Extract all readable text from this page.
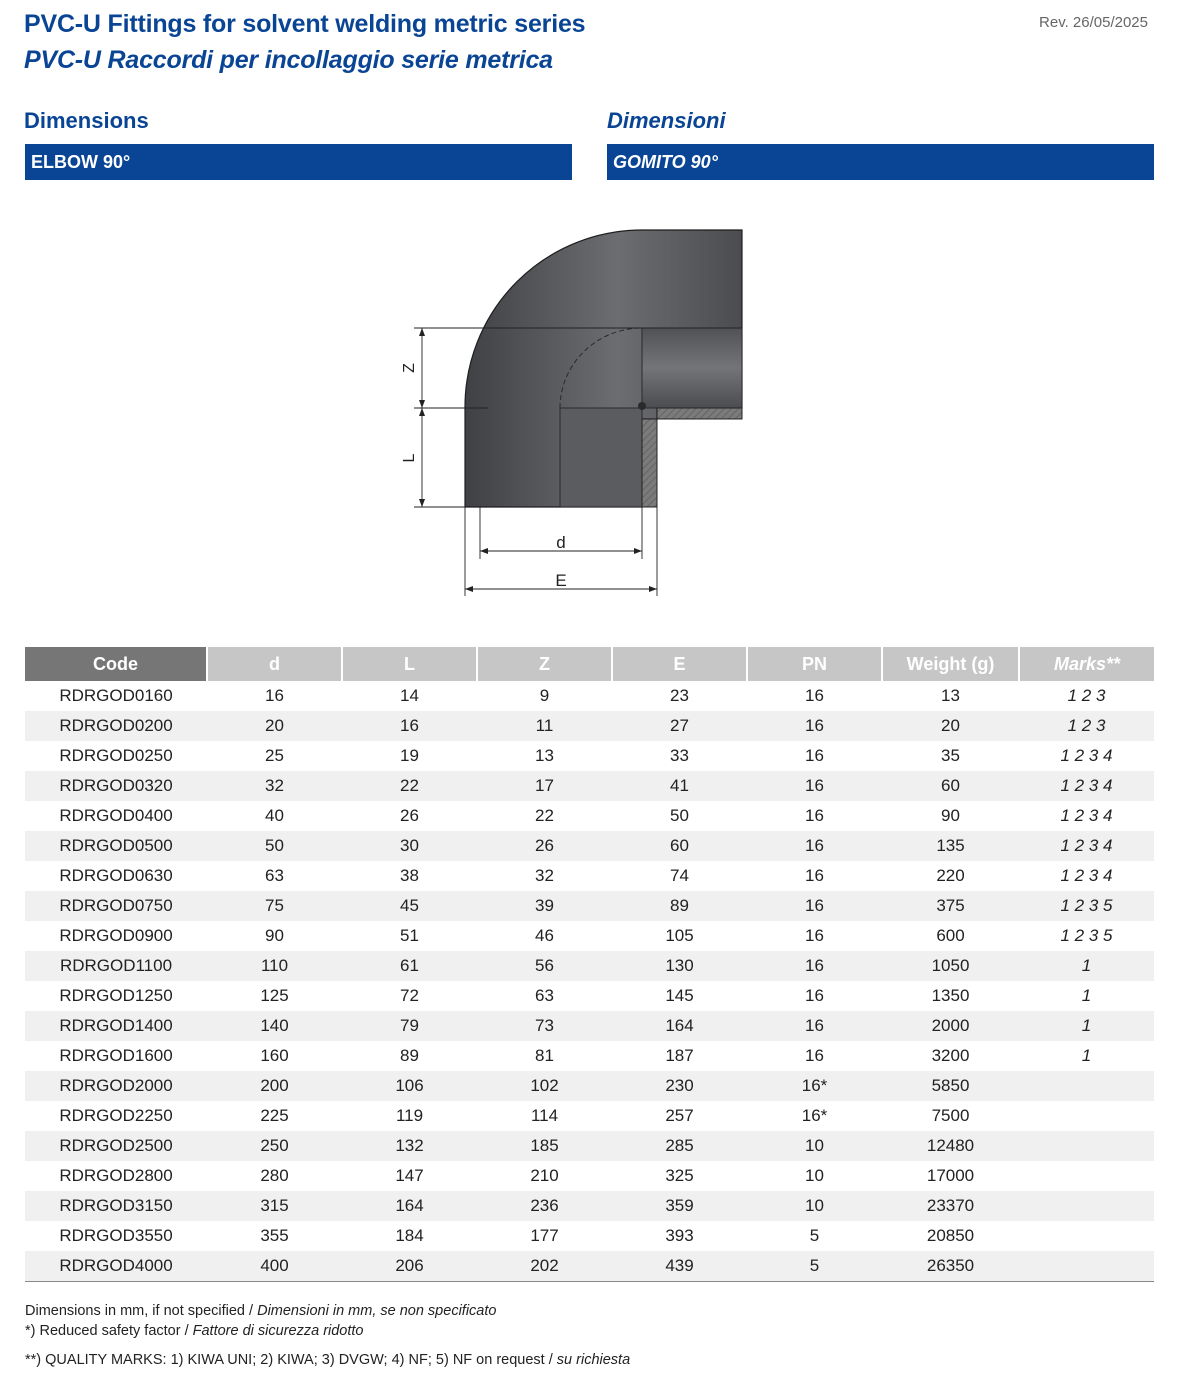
PVC-U Fittings for solvent welding metric series
PVC-U Raccordi per incollaggio serie metrica
Rev. 26/05/2025
Dimensions	Dimensioni
ELBOW 90°	GOMITO 90°
Z
L
d
E
Code	d	L	Z	E	PN	Weight (g)	Marks**
RDRGOD0160	16	14	9	23	16	13	1 2 3
RDRGOD0200	20	16	11	27	16	20	1 2 3
RDRGOD0250	25	19	13	33	16	35	1 2 3 4
RDRGOD0320	32	22	17	41	16	60	1 2 3 4
RDRGOD0400	40	26	22	50	16	90	1 2 3 4
RDRGOD0500	50	30	26	60	16	135	1 2 3 4
RDRGOD0630	63	38	32	74	16	220	1 2 3 4
RDRGOD0750	75	45	39	89	16	375	1 2 3 5
RDRGOD0900	90	51	46	105	16	600	1 2 3 5
RDRGOD1100	110	61	56	130	16	1050	1
RDRGOD1250	125	72	63	145	16	1350	1
RDRGOD1400	140	79	73	164	16	2000	1
RDRGOD1600	160	89	81	187	16	3200	1
RDRGOD2000	200	106	102	230	16*	5850	
RDRGOD2250	225	119	114	257	16*	7500	
RDRGOD2500	250	132	185	285	10	12480	
RDRGOD2800	280	147	210	325	10	17000	
RDRGOD3150	315	164	236	359	10	23370	
RDRGOD3550	355	184	177	393	5	20850	
RDRGOD4000	400	206	202	439	5	26350	
Dimensions in mm, if not specified / Dimensioni in mm, se non specificato
*) Reduced safety factor / Fattore di sicurezza ridotto
**) QUALITY MARKS: 1) KIWA UNI; 2) KIWA; 3) DVGW; 4) NF; 5) NF on request / su richiesta
